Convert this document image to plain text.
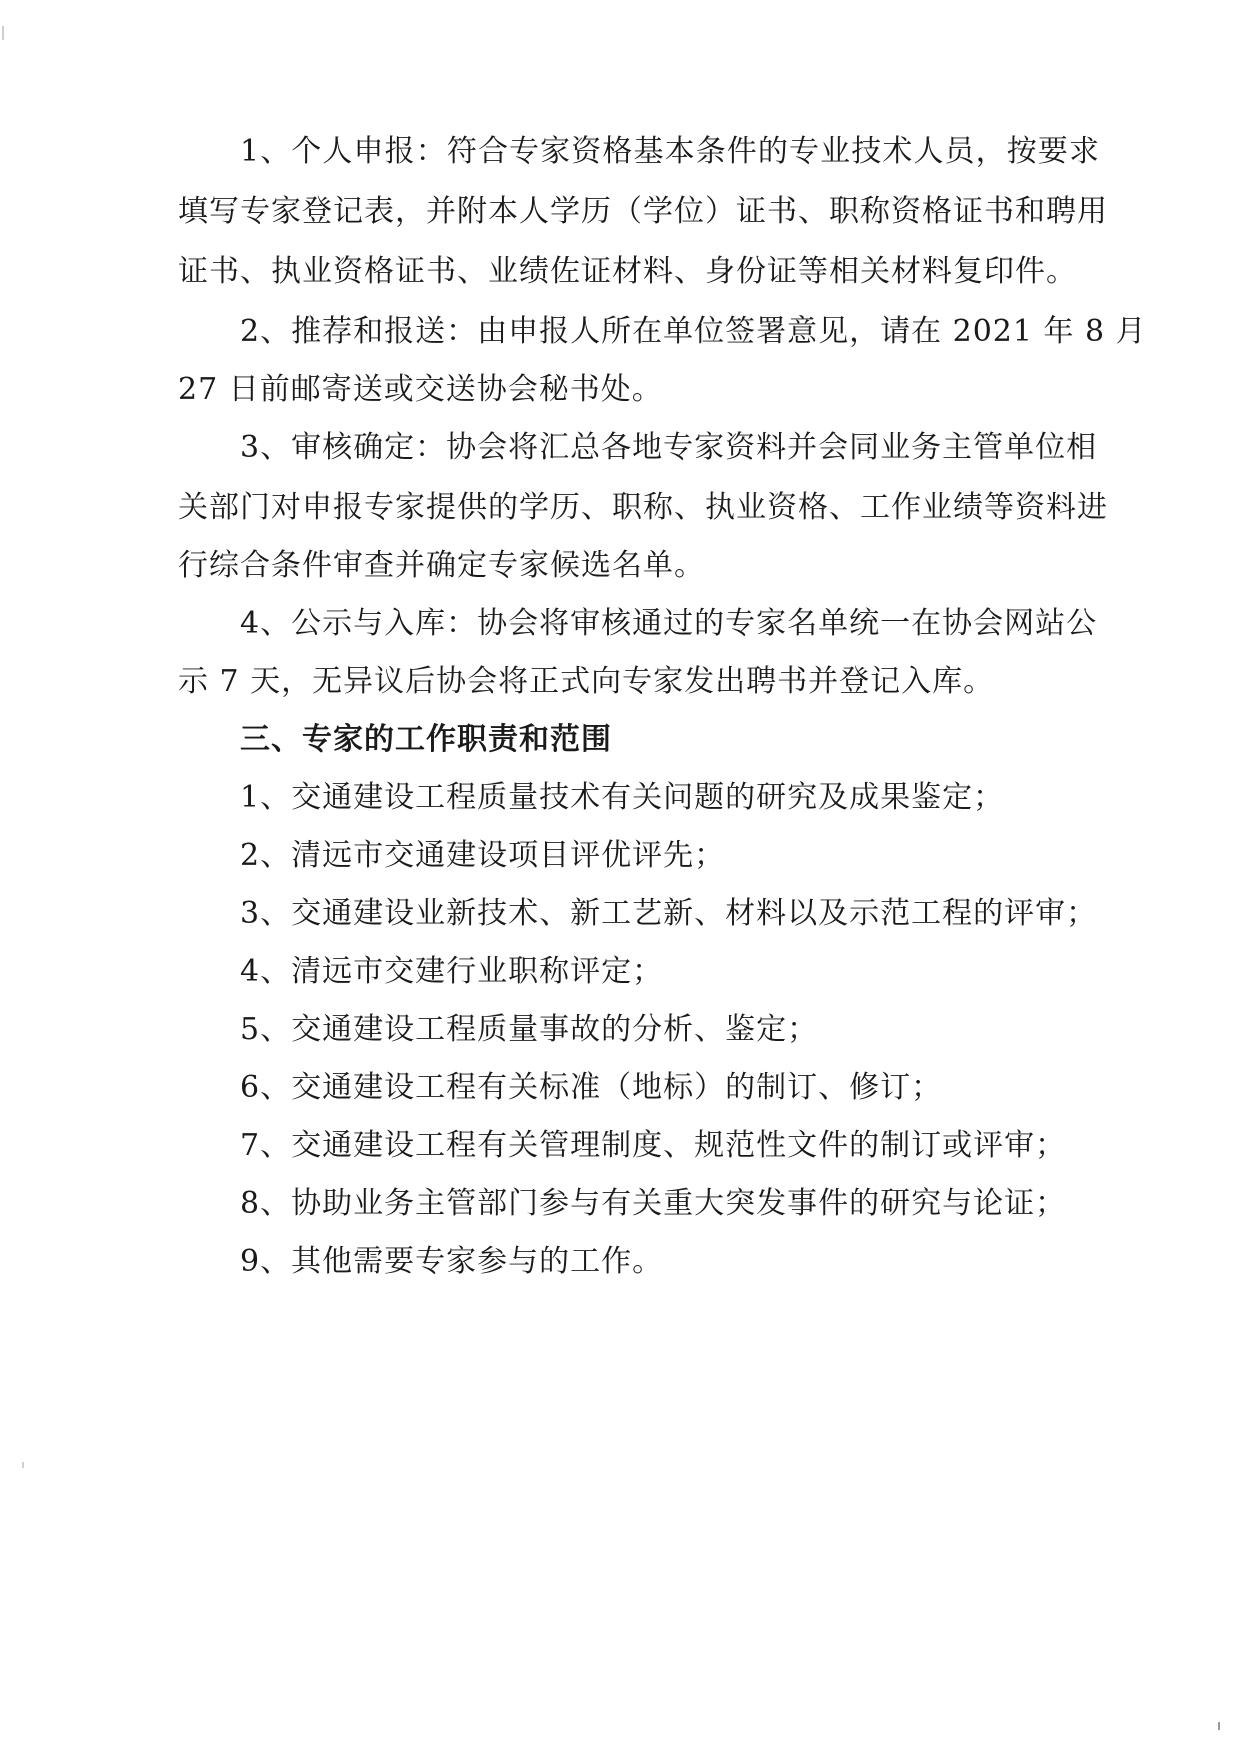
1、个人申报：符合专家资格基本条件的专业技术人员，按要求
填写专家登记表，并附本人学历（学位）证书、职称资格证书和聘用
证书、执业资格证书、业绩佐证材料、身份证等相关材料复印件。
2、推荐和报送：由申报人所在单位签署意见，请在 2021 年 8 月
27 日前邮寄送或交送协会秘书处。
3、审核确定：协会将汇总各地专家资料并会同业务主管单位相
关部门对申报专家提供的学历、职称、执业资格、工作业绩等资料进
行综合条件审查并确定专家候选名单。
4、公示与入库：协会将审核通过的专家名单统一在协会网站公
示 7 天，无异议后协会将正式向专家发出聘书并登记入库。
三、专家的工作职责和范围
1、交通建设工程质量技术有关问题的研究及成果鉴定；
2、清远市交通建设项目评优评先；
3、交通建设业新技术、新工艺新、材料以及示范工程的评审；
4、清远市交建行业职称评定；
5、交通建设工程质量事故的分析、鉴定；
6、交通建设工程有关标准（地标）的制订、修订；
7、交通建设工程有关管理制度、规范性文件的制订或评审；
8、协助业务主管部门参与有关重大突发事件的研究与论证；
9、其他需要专家参与的工作。
